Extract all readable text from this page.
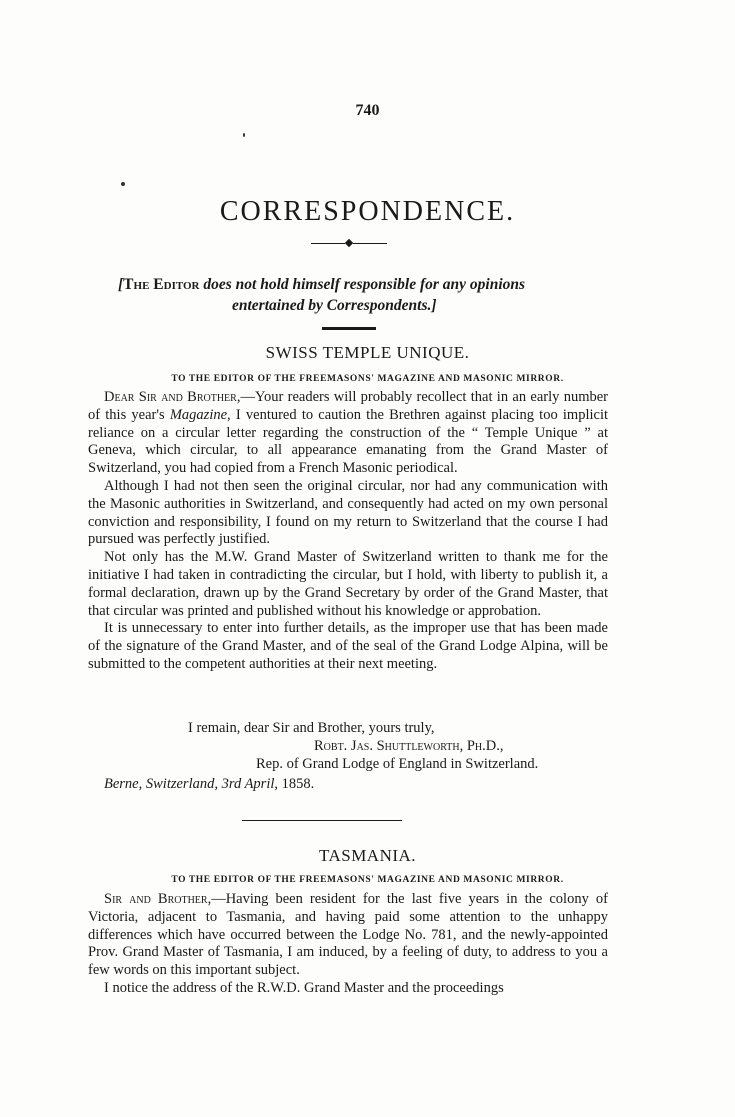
740
CORRESPONDENCE.
[The Editor does not hold himself responsible for any opinions
entertained by Correspondents.]
SWISS TEMPLE UNIQUE.
TO THE EDITOR OF THE FREEMASONS' MAGAZINE AND MASONIC MIRROR.

Dear Sir and Brother,—Your readers will probably recollect that in an early number of this year's Magazine, I ventured to caution the Brethren against placing too implicit reliance on a circular letter regarding the construction of the “ Temple Unique ” at Geneva, which circular, to all appearance emanating from the Grand Master of Switzerland, you had copied from a French Masonic periodical.

Although I had not then seen the original circular, nor had any communication with the Masonic authorities in Switzerland, and consequently had acted on my own personal conviction and responsibility, I found on my return to Switzerland that the course I had pursued was perfectly justified.

Not only has the M.W. Grand Master of Switzerland written to thank me for the initiative I had taken in contradicting the circular, but I hold, with liberty to publish it, a formal declaration, drawn up by the Grand Secretary by order of the Grand Master, that that circular was printed and published without his knowledge or approbation.

It is unnecessary to enter into further details, as the improper use that has been made of the signature of the Grand Master, and of the seal of the Grand Lodge Alpina, will be submitted to the competent authorities at their next meeting.

I remain, dear Sir and Brother, yours truly,
Robt. Jas. Shuttleworth, Ph.D.,
Rep. of Grand Lodge of England in Switzerland.
Berne, Switzerland, 3rd April, 1858.
TASMANIA.
TO THE EDITOR OF THE FREEMASONS' MAGAZINE AND MASONIC MIRROR.

Sir and Brother,—Having been resident for the last five years in the colony of Victoria, adjacent to Tasmania, and having paid some attention to the unhappy differences which have occurred between the Lodge No. 781, and the newly-appointed Prov. Grand Master of Tasmania, I am induced, by a feeling of duty, to address to you a few words on this important subject.

I notice the address of the R.W.D. Grand Master and the proceedings
